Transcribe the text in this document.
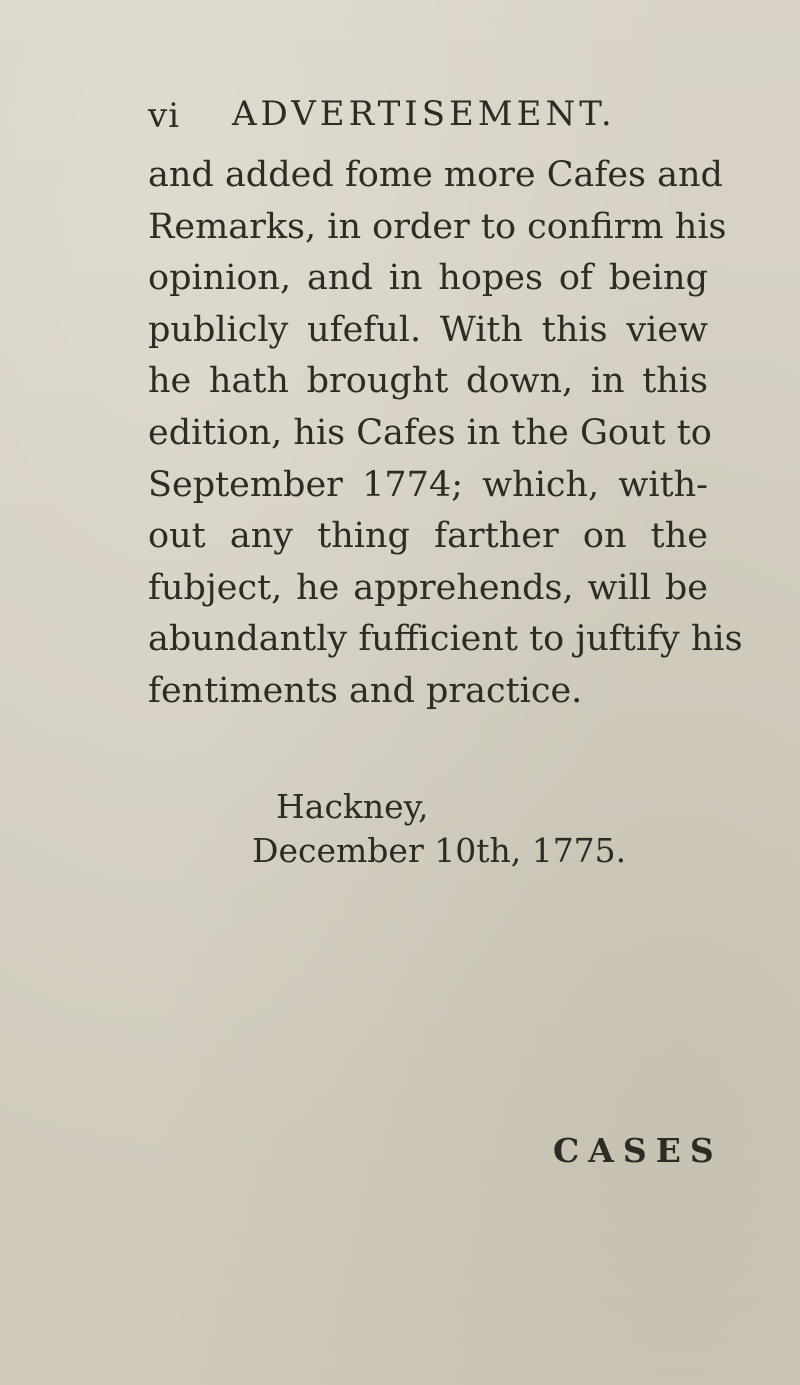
vi ADVERTISEMENT.
and added fome more Cafes and
Remarks, in order to confirm his
opinion, and in hopes of being
publicly ufeful. With this view
he hath brought down, in this
edition, his Cafes in the Gout to
September 1774; which, with-
out any thing farther on the
fubject, he apprehends, will be
abundantly fufficient to juftify his
fentiments and practice.
Hackney,
December 10th, 1775.
CASES
